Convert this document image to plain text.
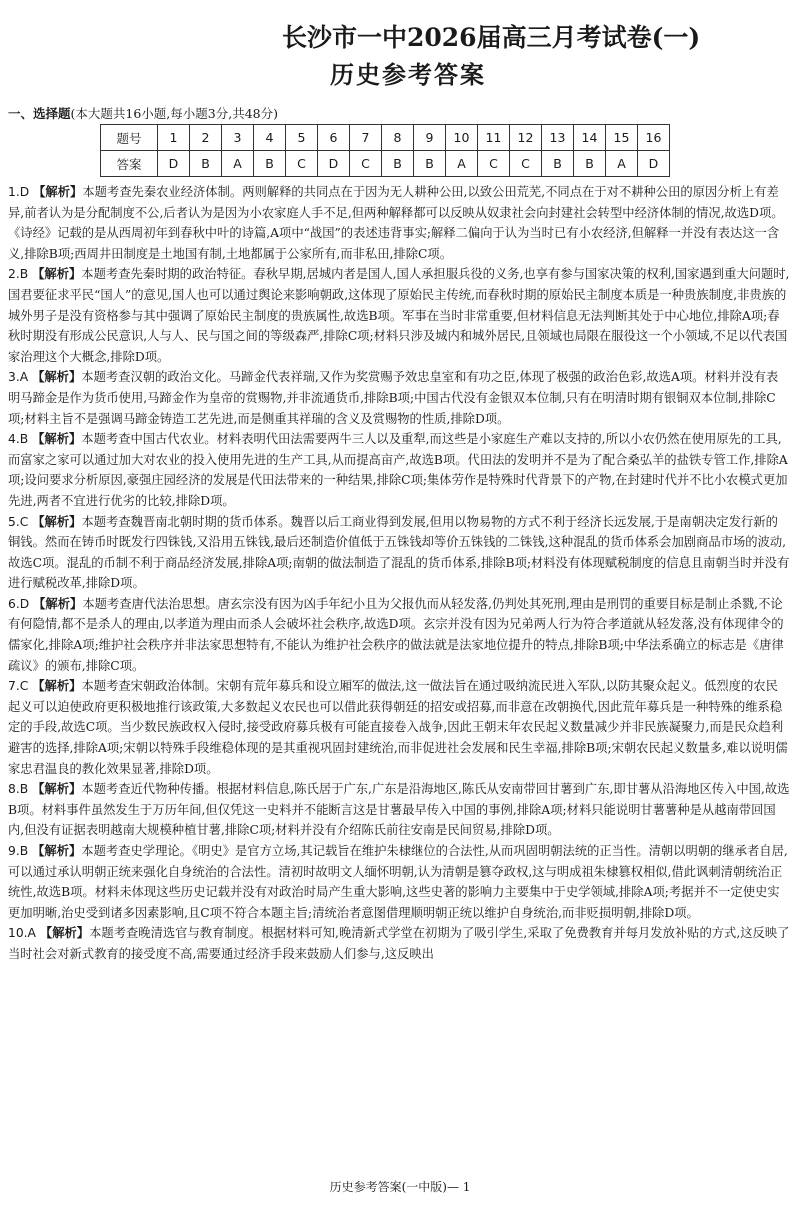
长沙市一中2026届高三月考试卷(一)
历史参考答案
一、选择题(本大题共16小题,每小题3分,共48分)
题号	1	2	3	4	5	6	7	8	9	10	11	12	13	14	15	16
答案	D	B	A	B	C	D	C	B	B	A	C	C	B	B	A	D

1.D 【解析】本题考查先秦农业经济体制。两则解释的共同点在于因为无人耕种公田,以致公田荒芜,不同点在于对不耕种公田的原因分析上有差异,前者认为是分配制度不公,后者认为是因为小农家庭人手不足,但两种解释都可以反映从奴隶社会向封建社会转型中经济体制的情况,故选D项。《诗经》记载的是从西周初年到春秋中叶的诗篇,A项中“战国”的表述违背事实;解释二偏向于认为当时已有小农经济,但解释一并没有表达这一含义,排除B项;西周井田制度是土地国有制,土地都属于公家所有,而非私田,排除C项。

2.B 【解析】本题考查先秦时期的政治特征。春秋早期,居城内者是国人,国人承担服兵役的义务,也享有参与国家决策的权利,国家遇到重大问题时,国君要征求平民“国人”的意见,国人也可以通过舆论来影响朝政,这体现了原始民主传统,而春秋时期的原始民主制度本质是一种贵族制度,非贵族的城外男子是没有资格参与其中强调了原始民主制度的贵族属性,故选B项。军事在当时非常重要,但材料信息无法判断其处于中心地位,排除A项;春秋时期没有形成公民意识,人与人、民与国之间的等级森严,排除C项;材料只涉及城内和城外居民,且领域也局限在服役这一个小领域,不足以代表国家治理这个大概念,排除D项。

3.A 【解析】本题考查汉朝的政治文化。马蹄金代表祥瑞,又作为奖赏赐予效忠皇室和有功之臣,体现了极强的政治色彩,故选A项。材料并没有表明马蹄金是作为货币使用,马蹄金作为皇帝的赏赐物,并非流通货币,排除B项;中国古代没有金银双本位制,只有在明清时期有银铜双本位制,排除C项;材料主旨不是强调马蹄金铸造工艺先进,而是侧重其祥瑞的含义及赏赐物的性质,排除D项。

4.B 【解析】本题考查中国古代农业。材料表明代田法需要两牛三人以及重犁,而这些是小家庭生产难以支持的,所以小农仍然在使用原先的工具,而富家之家可以通过加大对农业的投入使用先进的生产工具,从而提高亩产,故选B项。代田法的发明并不是为了配合桑弘羊的盐铁专管工作,排除A项;设问要求分析原因,豪强庄园经济的发展是代田法带来的一种结果,排除C项;集体劳作是特殊时代背景下的产物,在封建时代并不比小农模式更加先进,两者不宜进行优劣的比较,排除D项。

5.C 【解析】本题考查魏晋南北朝时期的货币体系。魏晋以后工商业得到发展,但用以物易物的方式不利于经济长远发展,于是南朝决定发行新的铜钱。然而在铸币时既发行四铢钱,又沿用五铢钱,最后还制造价值低于五铢钱却等价五铢钱的二铢钱,这种混乱的货币体系会加剧商品市场的波动,故选C项。混乱的币制不利于商品经济发展,排除A项;南朝的做法制造了混乱的货币体系,排除B项;材料没有体现赋税制度的信息且南朝当时并没有进行赋税改革,排除D项。

6.D 【解析】本题考查唐代法治思想。唐玄宗没有因为凶手年纪小且为父报仇而从轻发落,仍判处其死刑,理由是刑罚的重要目标是制止杀戮,不论有何隐情,都不是杀人的理由,以孝道为理由而杀人会破坏社会秩序,故选D项。玄宗并没有因为兄弟两人行为符合孝道就从轻发落,没有体现律令的儒家化,排除A项;维护社会秩序并非法家思想特有,不能认为维护社会秩序的做法就是法家地位提升的特点,排除B项;中华法系确立的标志是《唐律疏议》的颁布,排除C项。

7.C 【解析】本题考查宋朝政治体制。宋朝有荒年募兵和设立厢军的做法,这一做法旨在通过吸纳流民进入军队,以防其聚众起义。低烈度的农民起义可以迫使政府更积极地推行该政策,大多数起义农民也可以借此获得朝廷的招安或招募,而非意在改朝换代,因此荒年募兵是一种特殊的维系稳定的手段,故选C项。当少数民族政权入侵时,接受政府募兵极有可能直接卷入战争,因此王朝末年农民起义数量减少并非民族凝聚力,而是民众趋利避害的选择,排除A项;宋朝以特殊手段维稳体现的是其重视巩固封建统治,而非促进社会发展和民生幸福,排除B项;宋朝农民起义数量多,难以说明儒家忠君温良的教化效果显著,排除D项。

8.B 【解析】本题考查近代物种传播。根据材料信息,陈氏居于广东,广东是沿海地区,陈氏从安南带回甘薯到广东,即甘薯从沿海地区传入中国,故选B项。材料事件虽然发生于万历年间,但仅凭这一史料并不能断言这是甘薯最早传入中国的事例,排除A项;材料只能说明甘薯薯种是从越南带回国内,但没有证据表明越南大规模种植甘薯,排除C项;材料并没有介绍陈氏前往安南是民间贸易,排除D项。

9.B 【解析】本题考查史学理论。《明史》是官方立场,其记载旨在维护朱棣继位的合法性,从而巩固明朝法统的正当性。清朝以明朝的继承者自居,可以通过承认明朝正统来强化自身统治的合法性。清初时故明文人缅怀明朝,认为清朝是篡夺政权,这与明成祖朱棣篡权相似,借此讽刺清朝统治正统性,故选B项。材料未体现这些历史记载并没有对政治时局产生重大影响,这些史著的影响力主要集中于史学领域,排除A项;考据并不一定使史实更加明晰,治史受到诸多因素影响,且C项不符合本题主旨;清统治者意图借理顺明朝正统以维护自身统治,而非贬损明朝,排除D项。

10.A 【解析】本题考查晚清选官与教育制度。根据材料可知,晚清新式学堂在初期为了吸引学生,采取了免费教育并每月发放补贴的方式,这反映了当时社会对新式教育的接受度不高,需要通过经济手段来鼓励人们参与,这反映出

历史参考答案(一中版)— 1
